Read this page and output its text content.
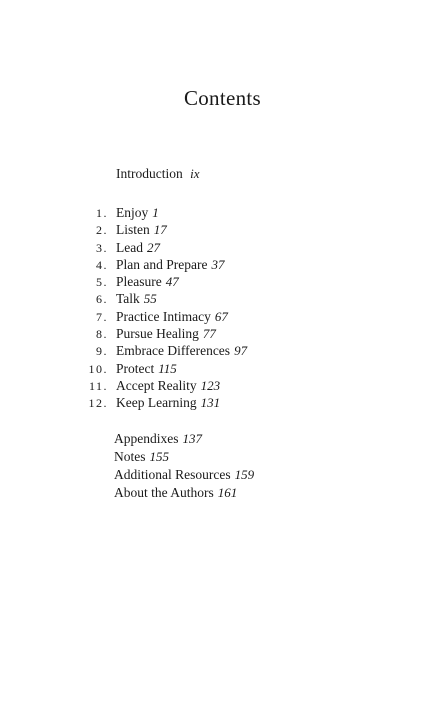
Contents
Introduction ix
1. Enjoy 1
2. Listen 17
3. Lead 27
4. Plan and Prepare 37
5. Pleasure 47
6. Talk 55
7. Practice Intimacy 67
8. Pursue Healing 77
9. Embrace Differences 97
10. Protect 115
11. Accept Reality 123
12. Keep Learning 131
Appendixes 137
Notes 155
Additional Resources 159
About the Authors 161
